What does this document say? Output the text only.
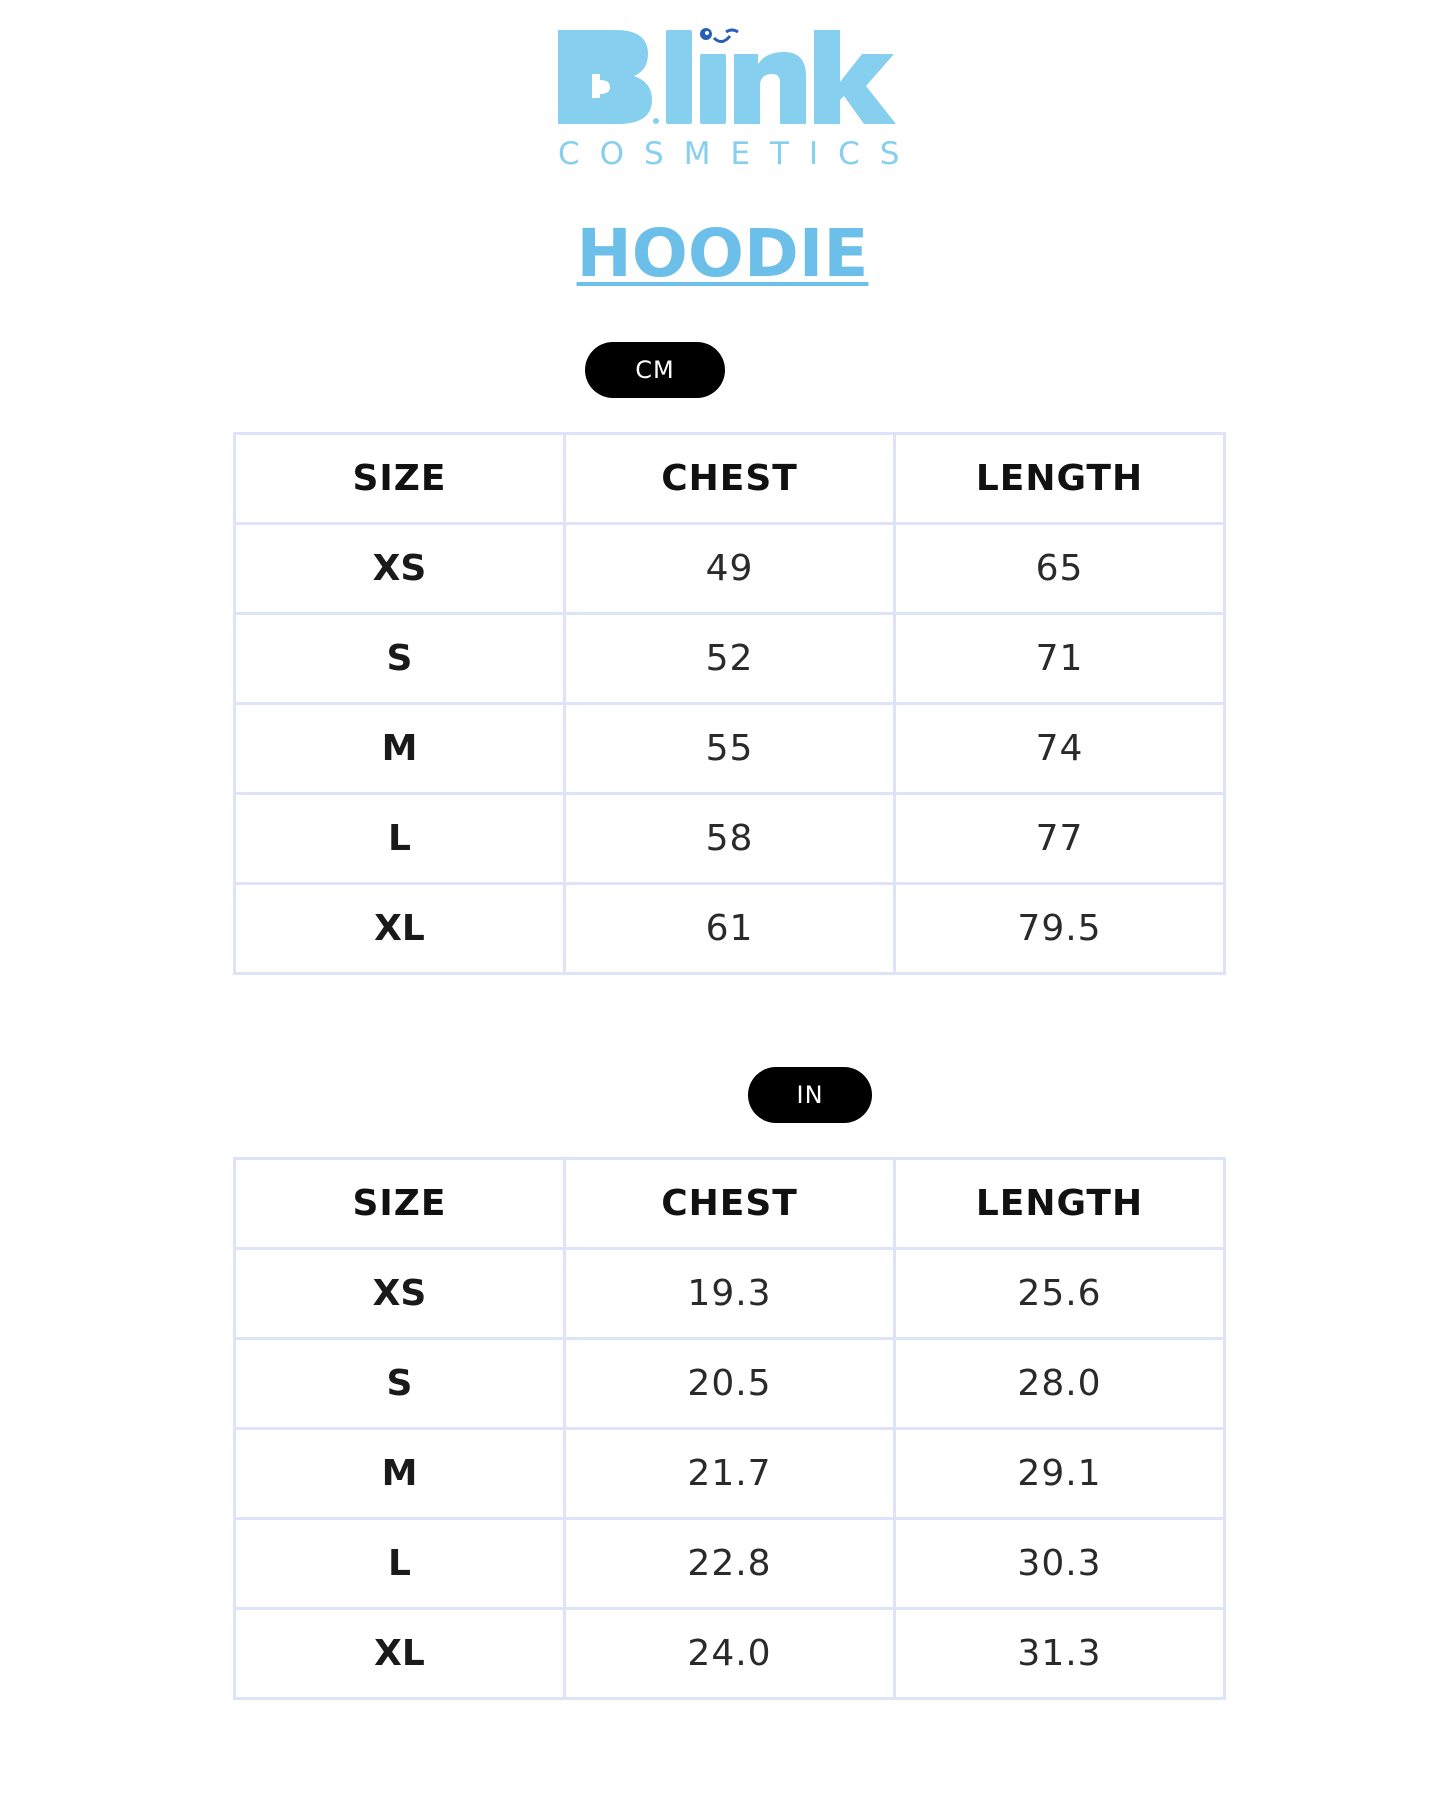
COSMETICS
HOODIE
CM
SIZE	CHEST	LENGTH
XS	49	65
S	52	71
M	55	74
L	58	77
XL	61	79.5
IN
SIZE	CHEST	LENGTH
XS	19.3	25.6
S	20.5	28.0
M	21.7	29.1
L	22.8	30.3
XL	24.0	31.3
